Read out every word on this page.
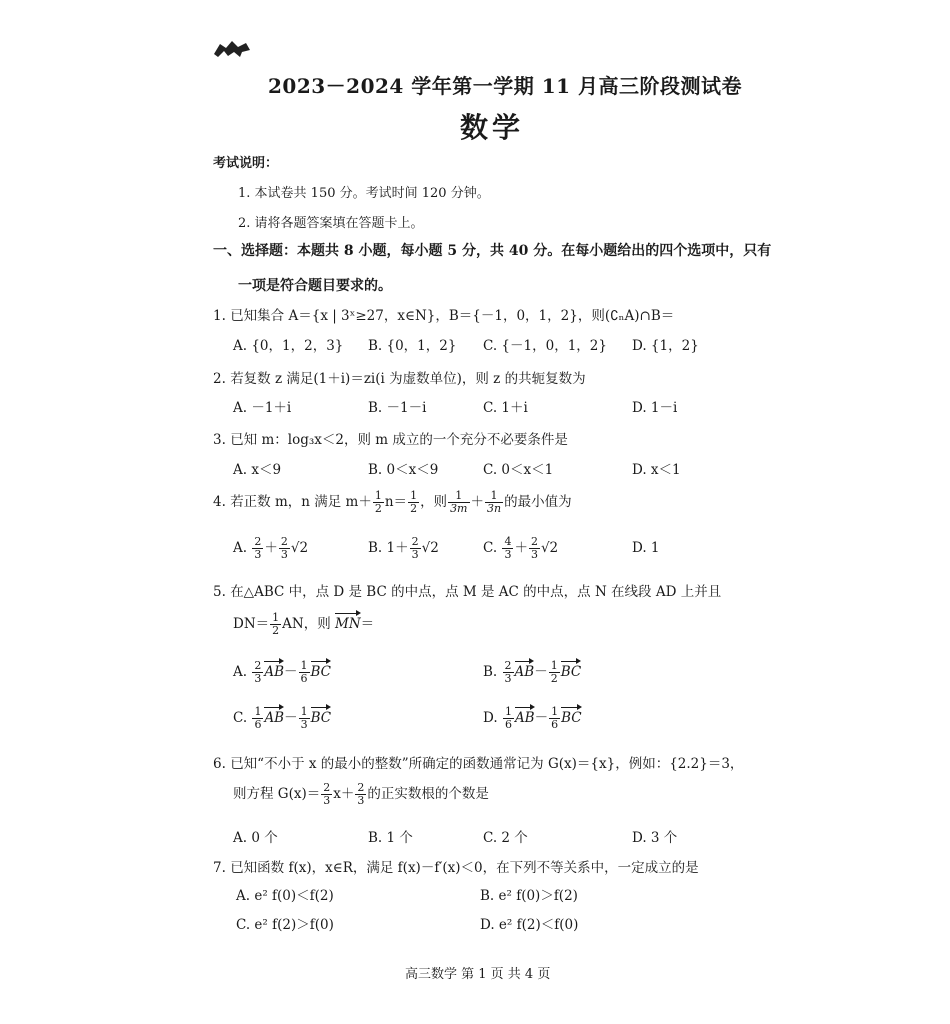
2023－2024 学年第一学期 11 月高三阶段测试卷
数学
考试说明：
1. 本试卷共 150 分。考试时间 120 分钟。
2. 请将各题答案填在答题卡上。
一、选择题：本题共 8 小题，每小题 5 分，共 40 分。在每小题给出的四个选项中，只有
一项是符合题目要求的。
1. 已知集合 A＝{x | 3ˣ≥27，x∈N}，B＝{－1，0，1，2}，则(∁ₙA)∩B＝
A. {0，1，2，3} B. {0，1，2} C. {－1，0，1，2} D. {1，2}
2. 若复数 z 满足(1＋i)＝zi(i 为虚数单位)，则 z 的共轭复数为
A. －1＋i	B. －1－i	C. 1＋i	D. 1－i
3. 已知 m：log₃x＜2，则 m 成立的一个充分不必要条件是
A. x＜9	B. 0＜x＜9	C. 0＜x＜1	D. x＜1
4. 若正数 m，n 满足 $m+ \frac{1}{2} n= \frac{1}{2}$ ，则 $\frac{1}{3m} + \frac{1}{3n}$ 的最小值为
A. $\frac{2}{3} + \frac{2}{3} √2$	B. $1+ \frac{2}{3} √2$	C. $\frac{4}{3} + \frac{2}{3} √2$	D. 1
5. 在△ABC 中，点 D 是 BC 的中点，点 M 是 AC 的中点，点 N 在线段 AD 上并且
$DN= \frac{1}{2}$ AN，则 MN＝
A. $\frac{2}{3} AB- \frac{1}{6}$ BC	B. $\frac{2}{3} AB- \frac{1}{2}$ BC
C. $\frac{1}{6} AB- \frac{1}{3}$ BC	D. $\frac{1}{6} AB- \frac{1}{6}$ BC
6. 已知“不小于 x 的最小的整数”所确定的函数通常记为 G(x)＝{x}，例如：{2.2}＝3，
则方程 $G(x)= \frac{2}{3} x+ \frac{2}{3}$ 的正实数根的个数是
A. 0 个	B. 1 个	C. 2 个	D. 3 个
7. 已知函数 f(x)，x∈R，满足 f(x)－f′(x)＜0，在下列不等关系中，一定成立的是
A. e² f(0)＜f(2)	B. e² f(0)＞f(2)
C. e² f(2)＞f(0)	D. e² f(2)＜f(0)
高三数学 第 1 页 共 4 页
